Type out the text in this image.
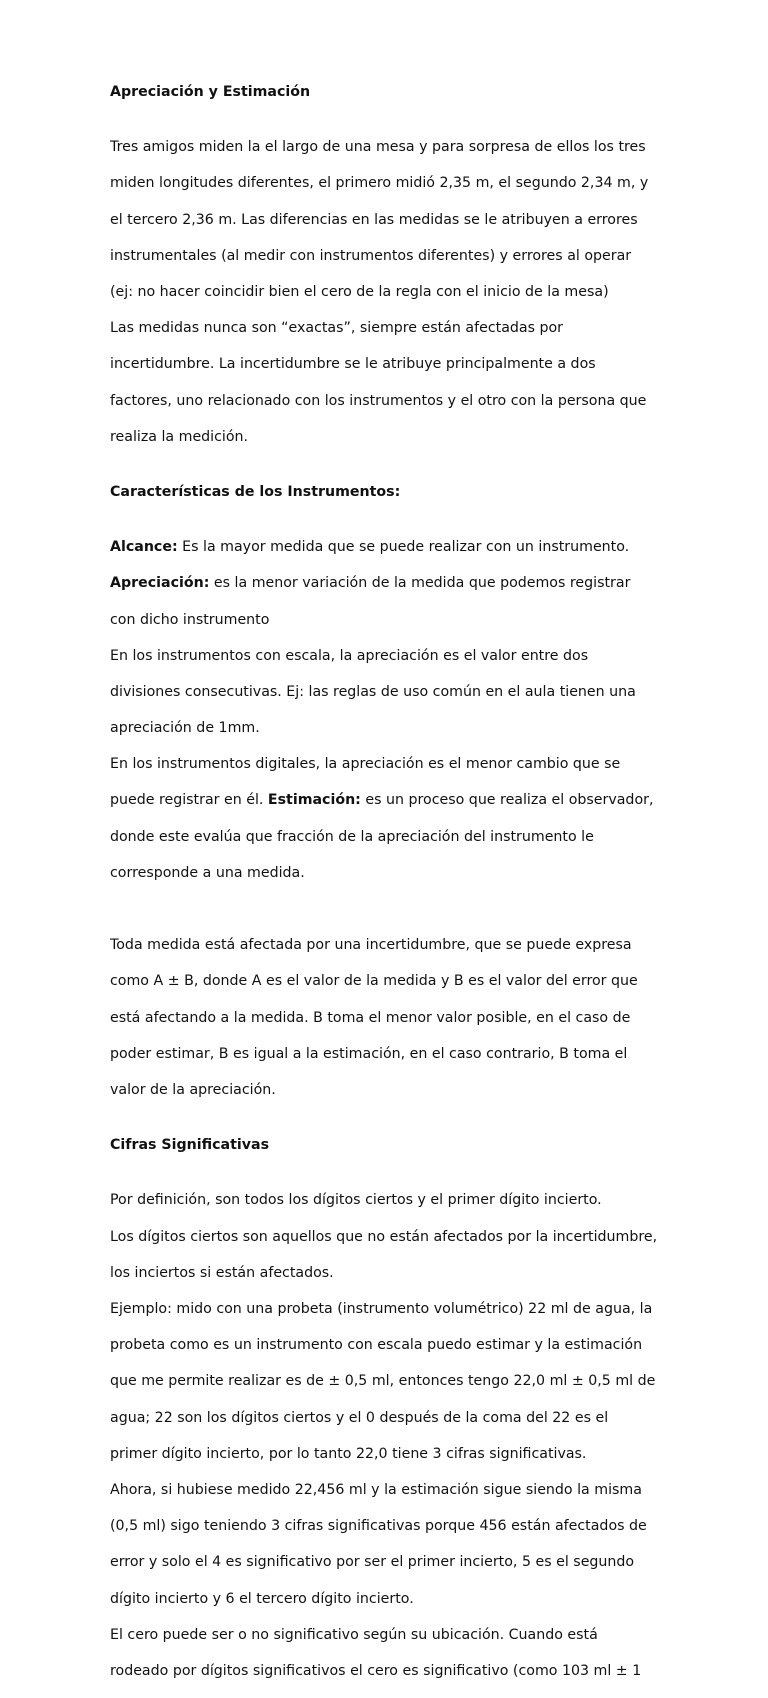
Apreciación y Estimación

Tres amigos miden la el largo de una mesa y para sorpresa de ellos los tres

miden longitudes diferentes, el primero midió 2,35 m, el segundo 2,34 m, y

el tercero 2,36 m. Las diferencias en las medidas se le atribuyen a errores

instrumentales (al medir con instrumentos diferentes) y errores al operar

(ej: no hacer coincidir bien el cero de la regla con el inicio de la mesa)

Las medidas nunca son “exactas”, siempre están afectadas por

incertidumbre. La incertidumbre se le atribuye principalmente a dos

factores, uno relacionado con los instrumentos y el otro con la persona que

realiza la medición.

Características de los Instrumentos:

Alcance: Es la mayor medida que se puede realizar con un instrumento.

Apreciación: es la menor variación de la medida que podemos registrar

con dicho instrumento

En los instrumentos con escala, la apreciación es el valor entre dos

divisiones consecutivas. Ej: las reglas de uso común en el aula tienen una

apreciación de 1mm.

En los instrumentos digitales, la apreciación es el menor cambio que se

puede registrar en él. Estimación: es un proceso que realiza el observador,

donde este evalúa que fracción de la apreciación del instrumento le

corresponde a una medida.

Toda medida está afectada por una incertidumbre, que se puede expresa

como A ± B, donde A es el valor de la medida y B es el valor del error que

está afectando a la medida. B toma el menor valor posible, en el caso de

poder estimar, B es igual a la estimación, en el caso contrario, B toma el

valor de la apreciación.

Cifras Significativas

Por definición, son todos los dígitos ciertos y el primer dígito incierto.

Los dígitos ciertos son aquellos que no están afectados por la incertidumbre,

los inciertos si están afectados.

Ejemplo: mido con una probeta (instrumento volumétrico) 22 ml de agua, la

probeta como es un instrumento con escala puedo estimar y la estimación

que me permite realizar es de ± 0,5 ml, entonces tengo 22,0 ml ± 0,5 ml de

agua; 22 son los dígitos ciertos y el 0 después de la coma del 22 es el

primer dígito incierto, por lo tanto 22,0 tiene 3 cifras significativas.

Ahora, si hubiese medido 22,456 ml y la estimación sigue siendo la misma

(0,5 ml) sigo teniendo 3 cifras significativas porque 456 están afectados de

error y solo el 4 es significativo por ser el primer incierto, 5 es el segundo

dígito incierto y 6 el tercero dígito incierto.

El cero puede ser o no significativo según su ubicación. Cuando está

rodeado por dígitos significativos el cero es significativo (como 103 ml ± 1
